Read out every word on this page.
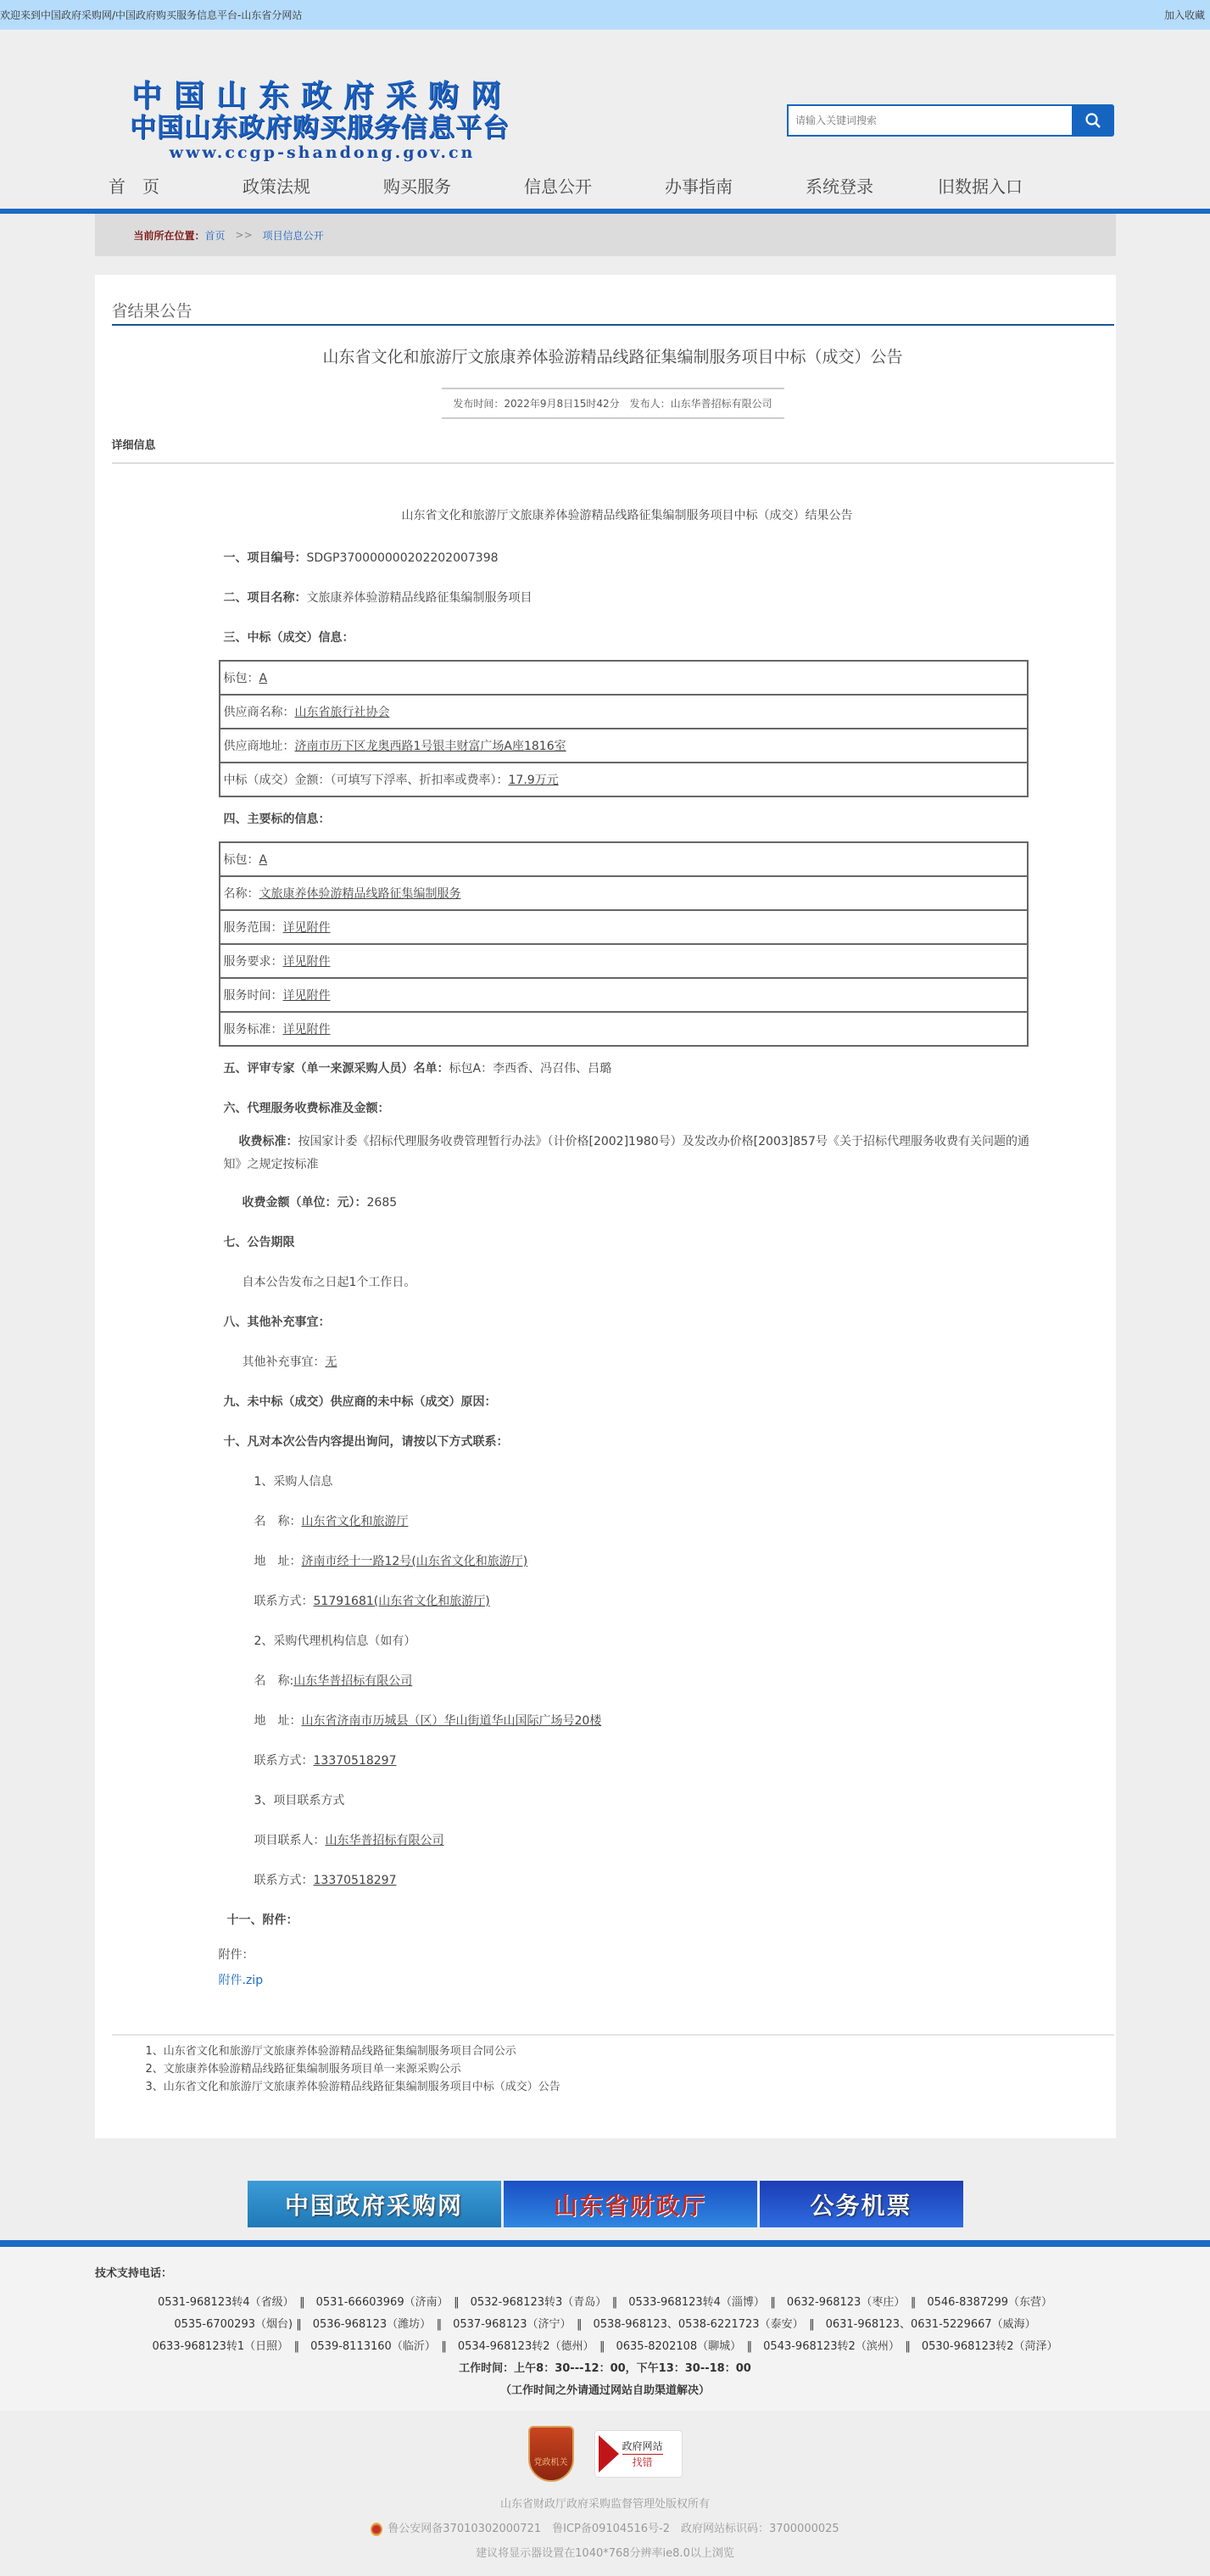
欢迎来到中国政府采购网/中国政府购买服务信息平台-山东省分网站	加入收藏
中国山东政府采购网
中国山东政府购买服务信息平台
www.ccgp-shandong.gov.cn
请输入关键词搜索
首　页	政策法规	购买服务	信息公开	办事指南	系统登录	旧数据入口
当前所在位置： 首页 >> 项目信息公开
省结果公告
山东省文化和旅游厅文旅康养体验游精品线路征集编制服务项目中标（成交）公告
发布时间：2022年9月8日15时42分　发布人：山东华普招标有限公司
详细信息
山东省文化和旅游厅文旅康养体验游精品线路征集编制服务项目中标（成交）结果公告
一、项目编号：SDGP370000000202202007398
二、项目名称：文旅康养体验游精品线路征集编制服务项目
三、中标（成交）信息：
标包：A
供应商名称：山东省旅行社协会
供应商地址：济南市历下区龙奥西路1号银丰财富广场A座1816室
中标（成交）金额：（可填写下浮率、折扣率或费率）：17.9万元
四、主要标的信息：
标包：A
名称：文旅康养体验游精品线路征集编制服务
服务范围：详见附件
服务要求：详见附件
服务时间：详见附件
服务标准：详见附件
五、评审专家（单一来源采购人员）名单：标包A：李西香、冯召伟、吕璐
六、代理服务收费标准及金额：
收费标准：按国家计委《招标代理服务收费管理暂行办法》（计价格[2002]1980号）及发改办价格[2003]857号《关于招标代理服务收费有关问题的通知》之规定按标准
收费金额（单位：元）：2685
七、公告期限
自本公告发布之日起1个工作日。
八、其他补充事宜：
其他补充事宜：无
九、未中标（成交）供应商的未中标（成交）原因：
十、凡对本次公告内容提出询问，请按以下方式联系：
1、采购人信息
名　称：山东省文化和旅游厅
地　址：济南市经十一路12号(山东省文化和旅游厅)
联系方式：51791681(山东省文化和旅游厅)
2、采购代理机构信息（如有）
名　称:山东华普招标有限公司
地　址：山东省济南市历城县（区）华山街道华山国际广场号20楼
联系方式：13370518297
3、项目联系方式
项目联系人：山东华普招标有限公司
联系方式：13370518297
十一、附件：
附件：
附件.zip
1、山东省文化和旅游厅文旅康养体验游精品线路征集编制服务项目合同公示
2、文旅康养体验游精品线路征集编制服务项目单一来源采购公示
3、山东省文化和旅游厅文旅康养体验游精品线路征集编制服务项目中标（成交）公告
中国政府采购网	山东省财政厅	公务机票
技术支持电话：
0531-968123转4（省级）　‖　0531-66603969（济南）　‖　0532-968123转3（青岛）　‖　0533-968123转4（淄博）　‖　0632-968123（枣庄）　‖　0546-8387299（东营）
0535-6700293（烟台) ‖　0536-968123（潍坊）　‖　0537-968123（济宁）　‖　0538-968123、0538-6221723（泰安）　‖　0631-968123、0631-5229667（威海）
0633-968123转1（日照）　‖　0539-8113160（临沂）　‖　0534-968123转2（德州）　‖　0635-8202108（聊城）　‖　0543-968123转2（滨州）　‖　0530-968123转2（菏泽）
工作时间：上午8：30---12：00，下午13：30--18：00
（工作时间之外请通过网站自助渠道解决）
党政机关
政府网站
找错
山东省财政厅政府采购监督管理处版权所有
鲁公安网备37010302000721　鲁ICP备09104516号-2　政府网站标识码：3700000025
建议将显示器设置在1040*768分辨率ie8.0以上浏览
